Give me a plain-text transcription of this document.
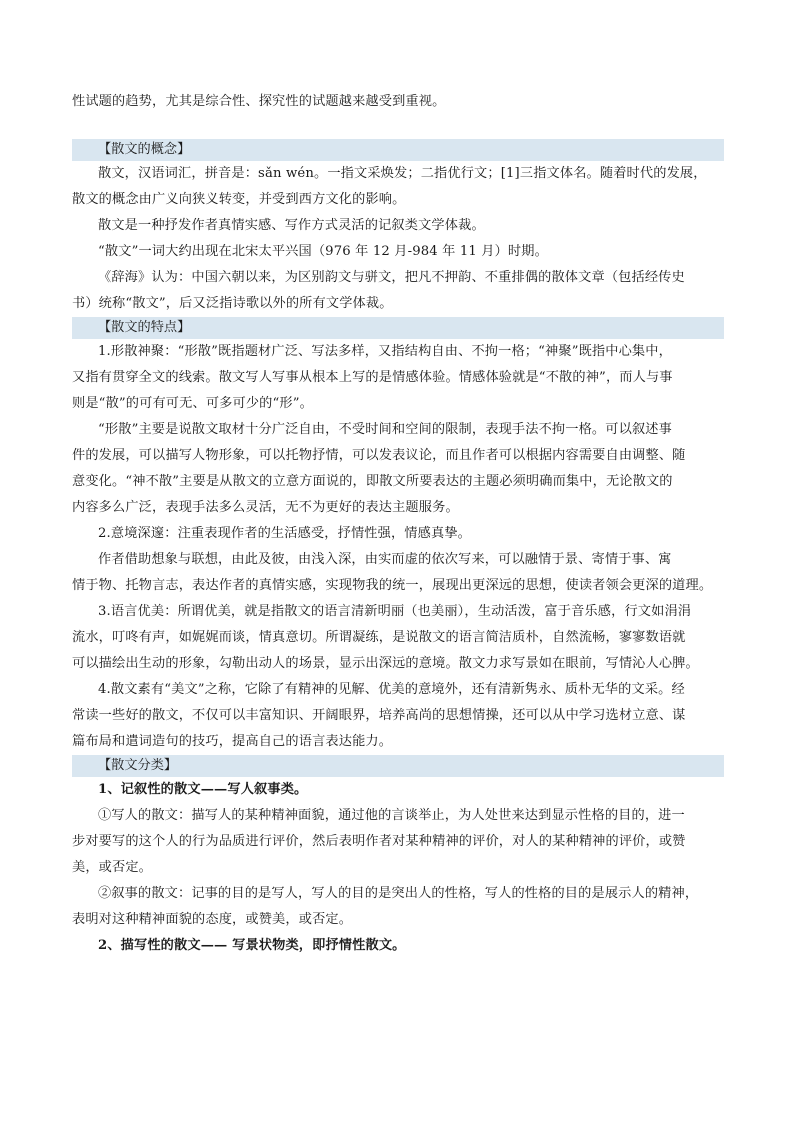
性试题的趋势，尤其是综合性、探究性的试题越来越受到重视。
【散文的概念】
散文，汉语词汇，拼音是：sǎn wén。一指文采焕发；二指优行文；[1]三指文体名。随着时代的发展，
散文的概念由广义向狭义转变，并受到西方文化的影响。
散文是一种抒发作者真情实感、写作方式灵活的记叙类文学体裁。
“散文”一词大约出现在北宋太平兴国（976 年 12 月-984 年 11 月）时期。
《辞海》认为：中国六朝以来，为区别韵文与骈文，把凡不押韵、不重排偶的散体文章（包括经传史
书）统称“散文”，后又泛指诗歌以外的所有文学体裁。
【散文的特点】
1.形散神聚：“形散”既指题材广泛、写法多样，又指结构自由、不拘一格；“神聚”既指中心集中，
又指有贯穿全文的线索。散文写人写事从根本上写的是情感体验。情感体验就是“不散的神”，而人与事
则是“散”的可有可无、可多可少的“形”。
“形散”主要是说散文取材十分广泛自由，不受时间和空间的限制，表现手法不拘一格。可以叙述事
件的发展，可以描写人物形象，可以托物抒情，可以发表议论，而且作者可以根据内容需要自由调整、随
意变化。“神不散”主要是从散文的立意方面说的，即散文所要表达的主题必须明确而集中，无论散文的
内容多么广泛，表现手法多么灵活，无不为更好的表达主题服务。
2.意境深邃：注重表现作者的生活感受，抒情性强，情感真挚。
作者借助想象与联想，由此及彼，由浅入深，由实而虚的依次写来，可以融情于景、寄情于事、寓
情于物、托物言志，表达作者的真情实感，实现物我的统一，展现出更深远的思想，使读者领会更深的道理。
3.语言优美：所谓优美，就是指散文的语言清新明丽（也美丽），生动活泼，富于音乐感，行文如涓涓
流水，叮咚有声，如娓娓而谈，情真意切。所谓凝练，是说散文的语言简洁质朴，自然流畅，寥寥数语就
可以描绘出生动的形象，勾勒出动人的场景，显示出深远的意境。散文力求写景如在眼前，写情沁人心脾。
4.散文素有“美文”之称，它除了有精神的见解、优美的意境外，还有清新隽永、质朴无华的文采。经
常读一些好的散文，不仅可以丰富知识、开阔眼界，培养高尚的思想情操，还可以从中学习选材立意、谋
篇布局和遣词造句的技巧，提高自己的语言表达能力。
【散文分类】
1、记叙性的散文——写人叙事类。
①写人的散文：描写人的某种精神面貌，通过他的言谈举止，为人处世来达到显示性格的目的，进一
步对要写的这个人的行为品质进行评价，然后表明作者对某种精神的评价，对人的某种精神的评价，或赞
美，或否定。
②叙事的散文：记事的目的是写人，写人的目的是突出人的性格，写人的性格的目的是展示人的精神，
表明对这种精神面貌的态度，或赞美，或否定。
2、描写性的散文—— 写景状物类，即抒情性散文。
